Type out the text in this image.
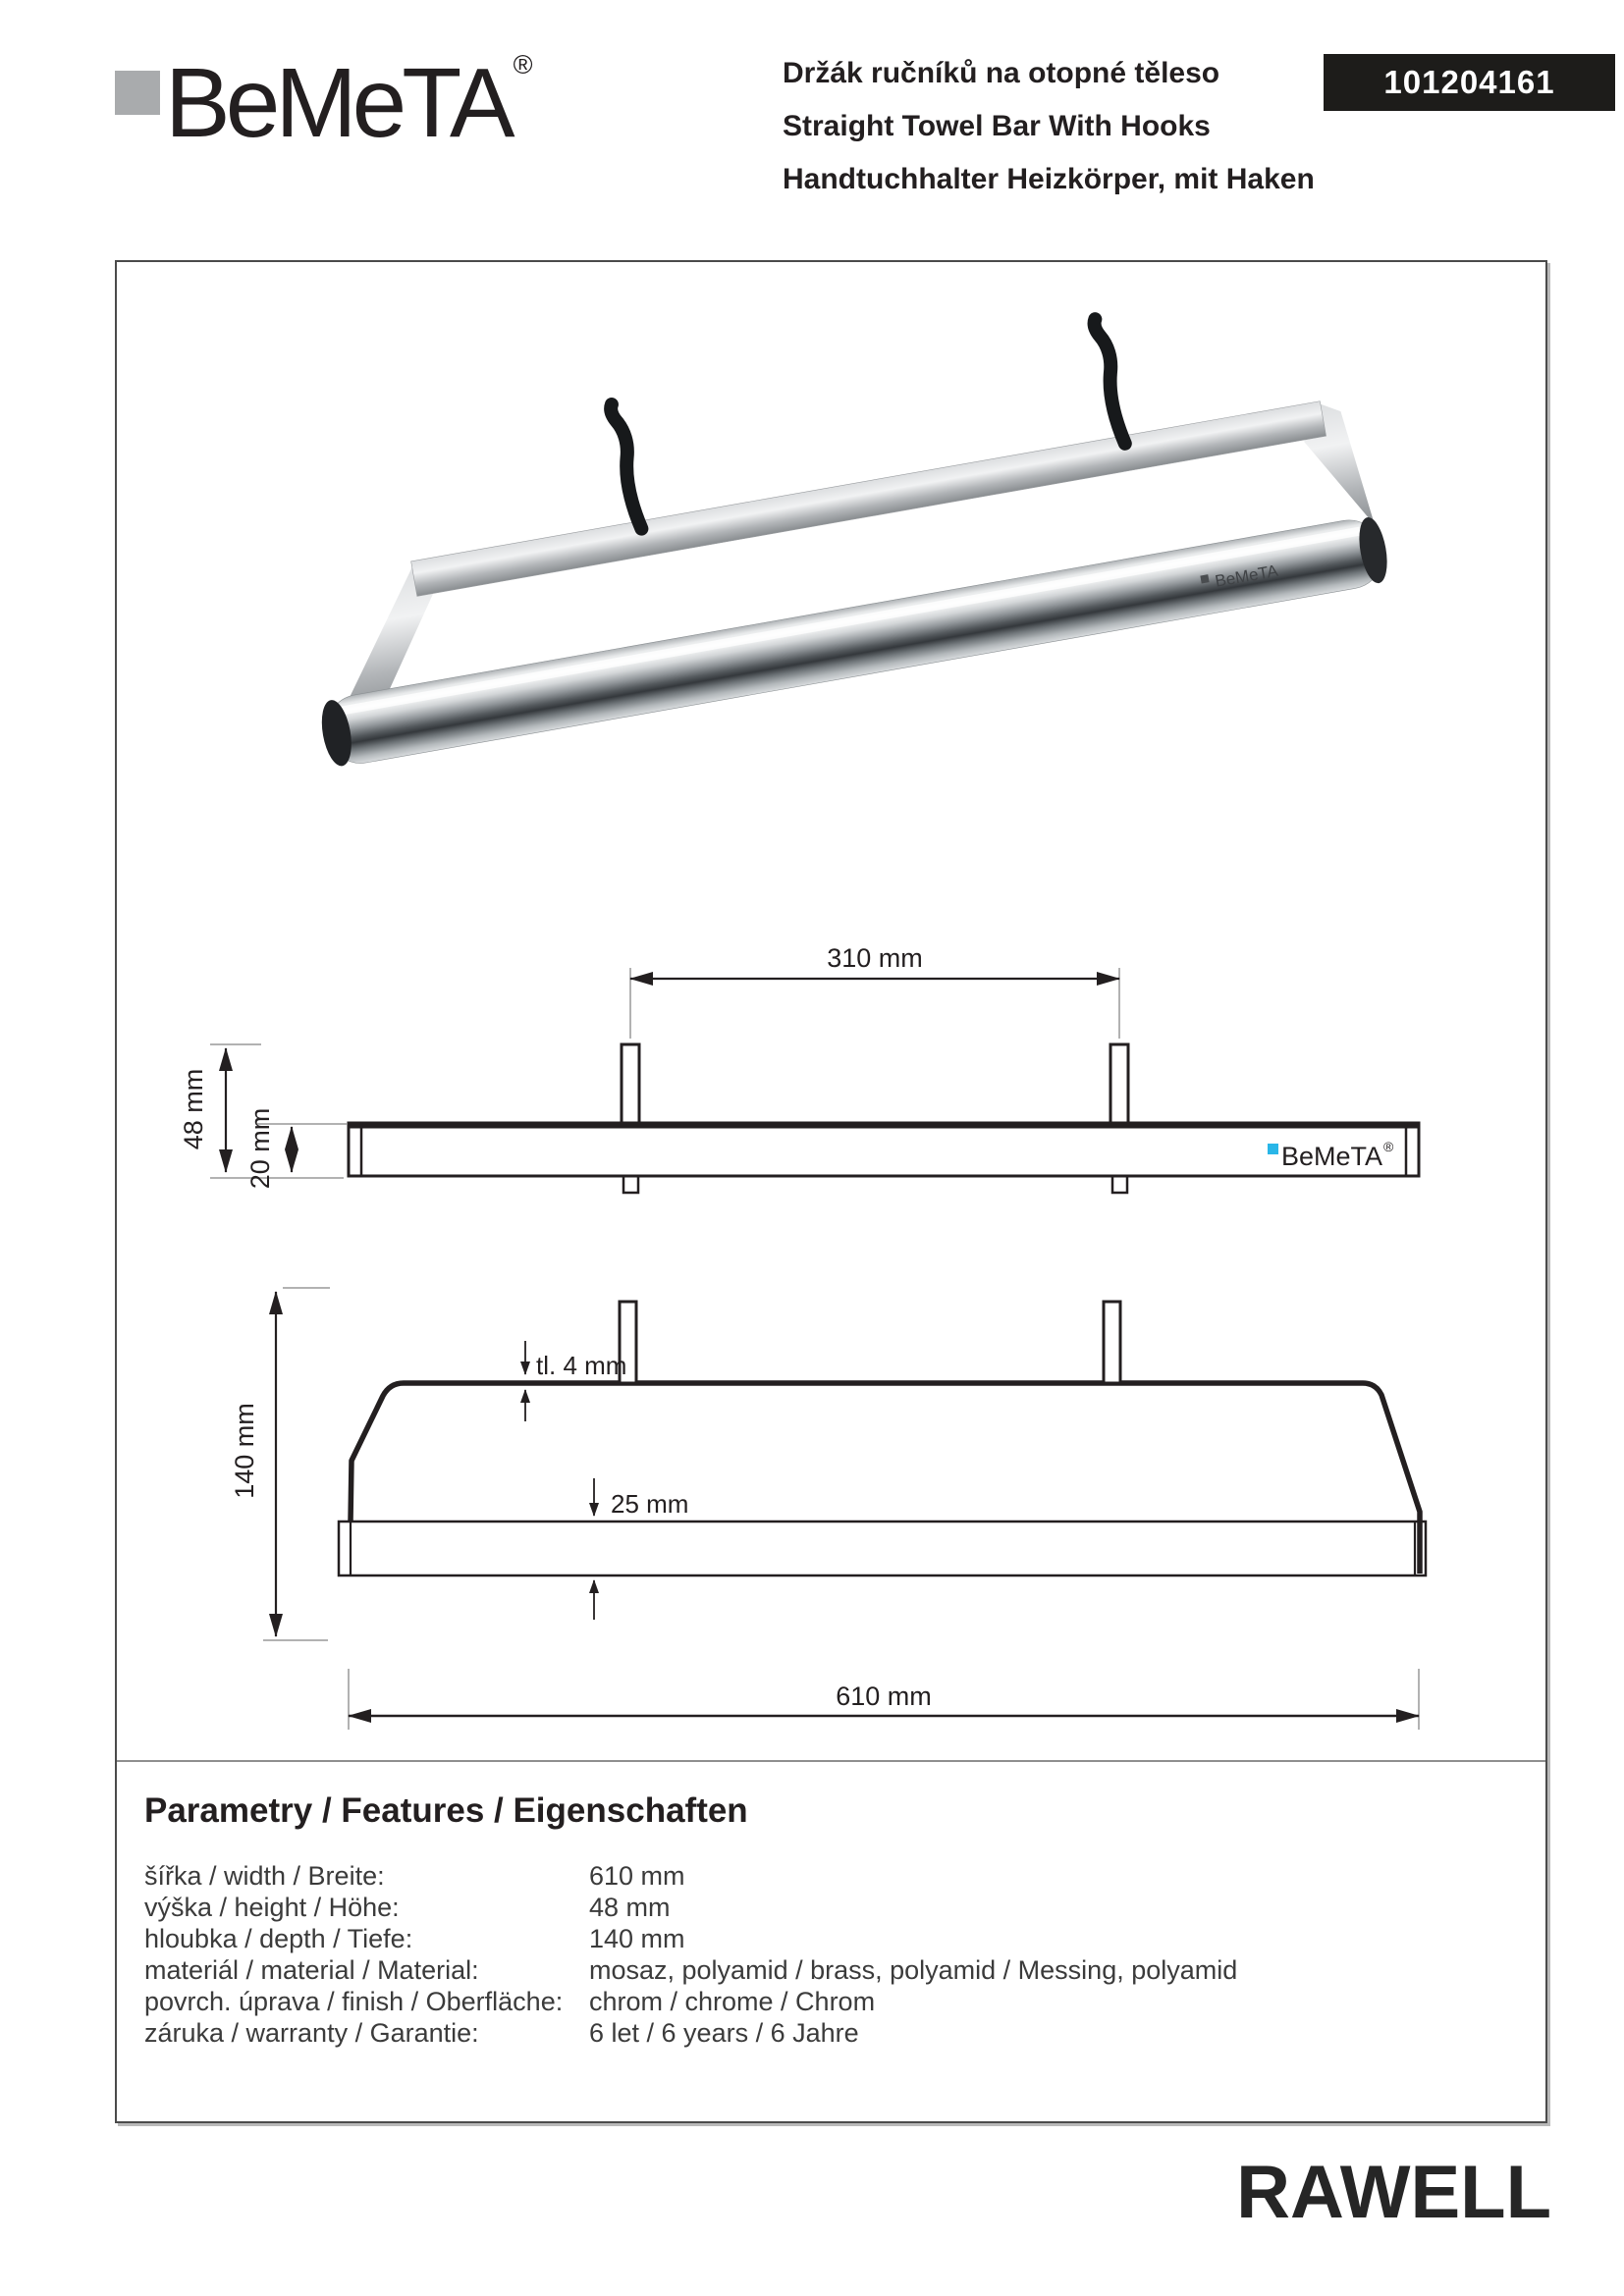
BeMeTA ®	Držák ručníků na otopné těleso
Straight Towel Bar With Hooks
Handtuchhalter Heizkörper, mit Haken
101204161
BeMeTA
310 mm
BeMeTA ®
48 mm 20 mm
140 mm
tl. 4 mm
25 mm
610 mm
Parametry / Features / Eigenschaften
šířka / width / Breite:	610 mm
výška / height / Höhe:	48 mm
hloubka / depth / Tiefe:	140 mm
materiál / material / Material:	mosaz, polyamid / brass, polyamid / Messing, polyamid
povrch. úprava / finish / Oberfläche: chrom / chrome / Chrom
záruka / warranty / Garantie:	6 let / 6 years / 6 Jahre
RAWELL
